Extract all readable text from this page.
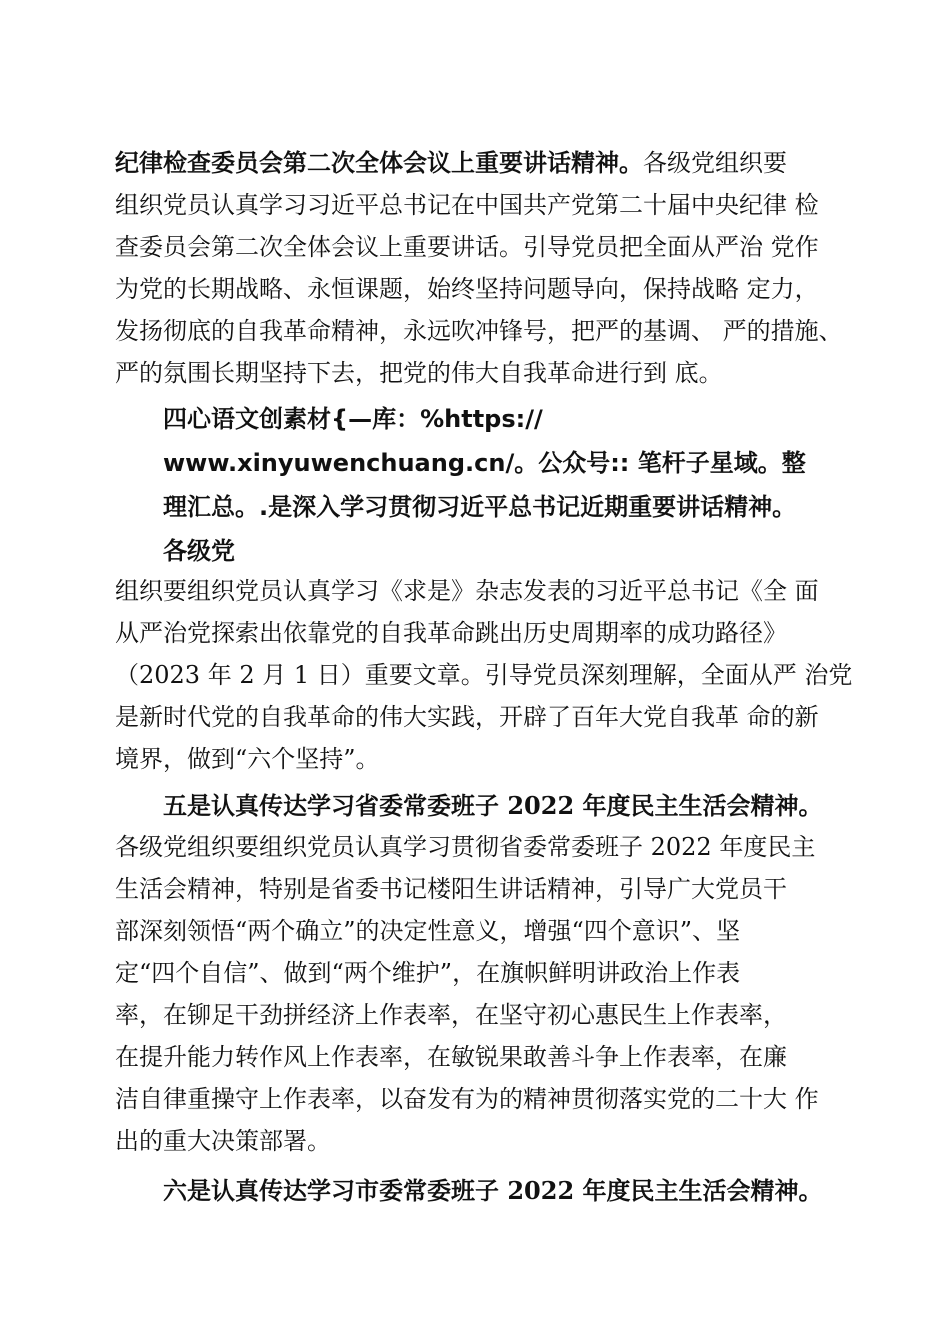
纪律检查委员会第二次全体会议上重要讲话精神。各级党组织要
组织党员认真学习习近平总书记在中国共产党第二十届中央纪律 检
查委员会第二次全体会议上重要讲话。引导党员把全面从严治 党作
为党的长期战略、永恒课题，始终坚持问题导向，保持战略 定力，
发扬彻底的自我革命精神，永远吹冲锋号，把严的基调、 严的措施、
严的氛围长期坚持下去，把党的伟大自我革命进行到 底。
四心语文创素材{—库：%https://
www.xinyuwenchuang.cn/。公众号:: 笔杆子星域。整
理汇总。.是深入学习贯彻习近平总书记近期重要讲话精神。
各级党
组织要组织党员认真学习《求是》杂志发表的习近平总书记《全 面
从严治党探索出依靠党的自我革命跳出历史周期率的成功路径》
（2023 年 2 月 1 日）重要文章。引导党员深刻理解，全面从严 治党
是新时代党的自我革命的伟大实践，开辟了百年大党自我革 命的新
境界，做到“六个坚持”。
五是认真传达学习省委常委班子 2022 年度民主生活会精神。
各级党组织要组织党员认真学习贯彻省委常委班子 2022 年度民主
生活会精神，特别是省委书记楼阳生讲话精神，引导广大党员干
部深刻领悟“两个确立”的决定性意义，增强“四个意识”、坚
定“四个自信”、做到“两个维护”，在旗帜鲜明讲政治上作表
率，在铆足干劲拼经济上作表率，在坚守初心惠民生上作表率，
在提升能力转作风上作表率，在敏锐果敢善斗争上作表率，在廉
洁自律重操守上作表率，以奋发有为的精神贯彻落实党的二十大 作
出的重大决策部署。
六是认真传达学习市委常委班子 2022 年度民主生活会精神。
